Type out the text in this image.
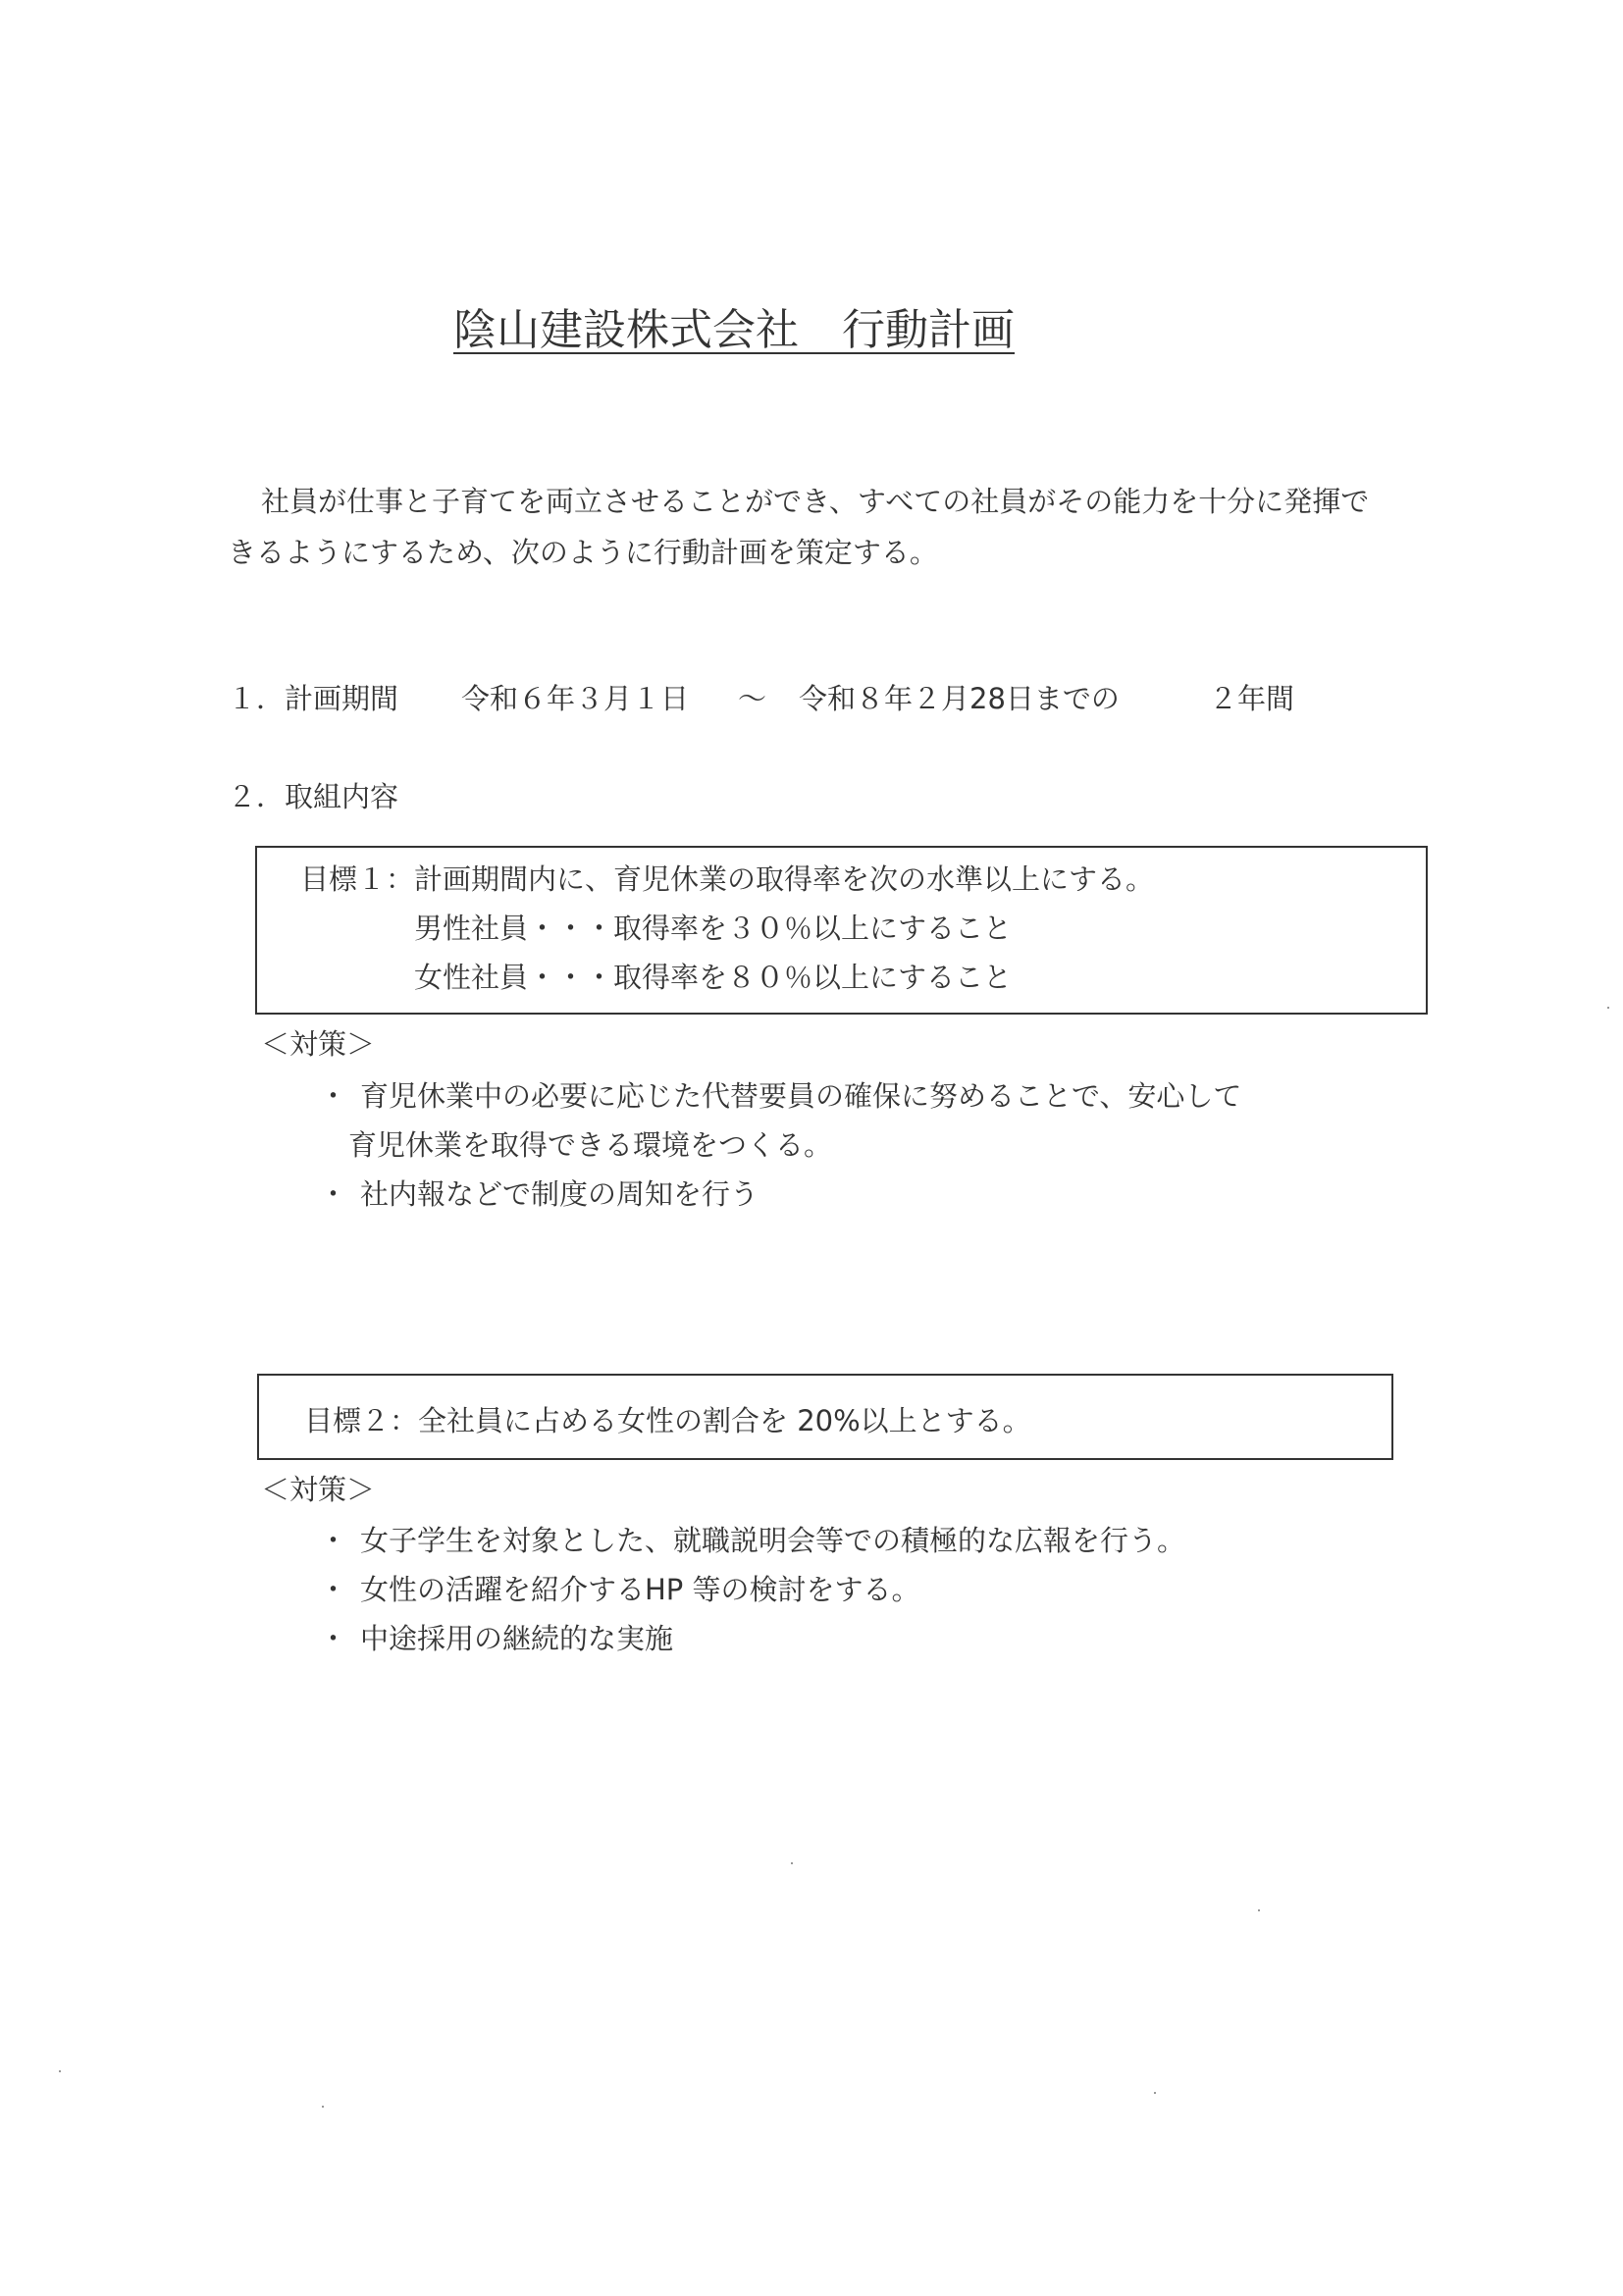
陰山建設株式会社　行動計画
社員が仕事と子育てを両立させることができ、すべての社員がその能力を十分に発揮で
きるようにするため、次のように行動計画を策定する。
１．計画期間 令和６年３月１日 ～ 令和８年２月28日までの	２年間
２．取組内容
目標１：計画期間内に、育児休業の取得率を次の水準以上にする。
男性社員・・・取得率を３０％以上にすること
女性社員・・・取得率を８０％以上にすること
＜対策＞
・ 育児休業中の必要に応じた代替要員の確保に努めることで、安心して
育児休業を取得できる環境をつくる。
・ 社内報などで制度の周知を行う
目標２：全社員に占める女性の割合を 20%以上とする。
＜対策＞
・ 女子学生を対象とした、就職説明会等での積極的な広報を行う。
・ 女性の活躍を紹介するHP 等の検討をする。
・ 中途採用の継続的な実施
